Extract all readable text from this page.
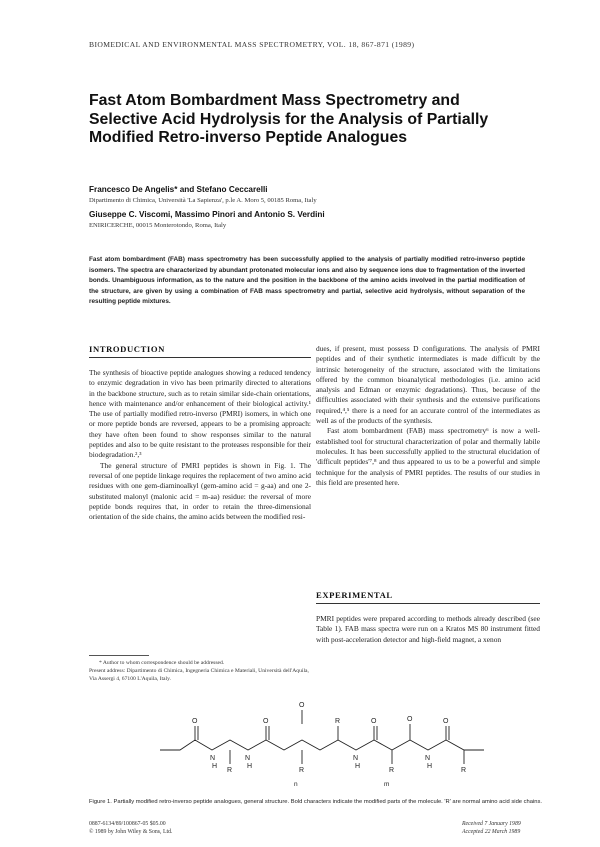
BIOMEDICAL AND ENVIRONMENTAL MASS SPECTROMETRY, VOL. 18, 867-871 (1989)
Fast Atom Bombardment Mass Spectrometry and Selective Acid Hydrolysis for the Analysis of Partially Modified Retro-inverso Peptide Analogues
Francesco De Angelis* and Stefano Ceccarelli
Dipartimento di Chimica, Università 'La Sapienza', p.le A. Moro 5, 00185 Roma, Italy
Giuseppe C. Viscomi, Massimo Pinori and Antonio S. Verdini
ENIRICERCHE, 00015 Monterotondo, Roma, Italy
Fast atom bombardment (FAB) mass spectrometry has been successfully applied to the analysis of partially modified retro-inverso peptide isomers. The spectra are characterized by abundant protonated molecular ions and also by sequence ions due to fragmentation of the inverted bonds. Unambiguous information, as to the nature and the position in the backbone of the amino acids involved in the partial modification of the structure, are given by using a combination of FAB mass spectrometry and partial, selective acid hydrolysis, without separation of the resulting peptide mixtures.
INTRODUCTION

The synthesis of bioactive peptide analogues showing a reduced tendency to enzymic degradation in vivo has been primarily directed to alterations in the backbone structure, such as to retain similar side-chain orientations, hence with maintenance and/or enhancement of their biological activity.¹ The use of partially modified retro-inverso (PMRI) isomers, in which one or more peptide bonds are reversed, appears to be a promising approach: they have often been found to show responses similar to the natural peptides and also to be quite resistant to the proteases responsible for their biodegradation.²,³

The general structure of PMRI peptides is shown in Fig. 1. The reversal of one peptide linkage requires the replacement of two amino acid residues with one gem-diaminoalkyl (gem-amino acid = g-aa) and one 2-substituted malonyl (malonic acid = m-aa) residue: the reversal of more peptide bonds requires that, in order to retain the three-dimensional orientation of the side chains, the amino acids between the modified resi-

* Author to whom correspondence should be addressed.
Present address: Dipartimento di Chimica, Ingegneria Chimica e Materiali, Università dell'Aquila, Via Assergi 4, 67100 L'Aquila, Italy.

dues, if present, must possess D configurations. The analysis of PMRI peptides and of their synthetic intermediates is made difficult by the intrinsic heterogeneity of the structure, associated with the limitations offered by the common bioanalytical methodologies (i.e. amino acid analysis and Edman or enzymic degradations). Thus, because of the difficulties associated with their synthesis and the extensive purifications required,⁴,⁵ there is a need for an accurate control of the intermediates as well as of the products of the synthesis.

Fast atom bombardment (FAB) mass spectrometry⁶ is now a well-established tool for structural characterization of polar and thermally labile molecules. It has been successfully applied to the structural elucidation of 'difficult peptides'⁷,⁸ and thus appeared to us to be a powerful and simple technique for the analysis of PMRI peptides. The results of our studies in this field are presented here.

EXPERIMENTAL

PMRI peptides were prepared according to methods already described (see Table 1). FAB mass spectra were run on a Kratos MS 80 instrument fitted with post-acceleration detector and high-field magnet, a xenon

O	O	O	O
R	R	R	R
R
O
O
N	N	N	N
H	H	H	H
n	m
Figure 1. Partially modified retro-inverso peptide analogues, general structure. Bold characters indicate the modified parts of the molecule. 'R' are normal amino acid side chains.
0887-6134/89/100867-05 $05.00
© 1989 by John Wiley & Sons, Ltd.
Received 7 January 1989
Accepted 22 March 1989
